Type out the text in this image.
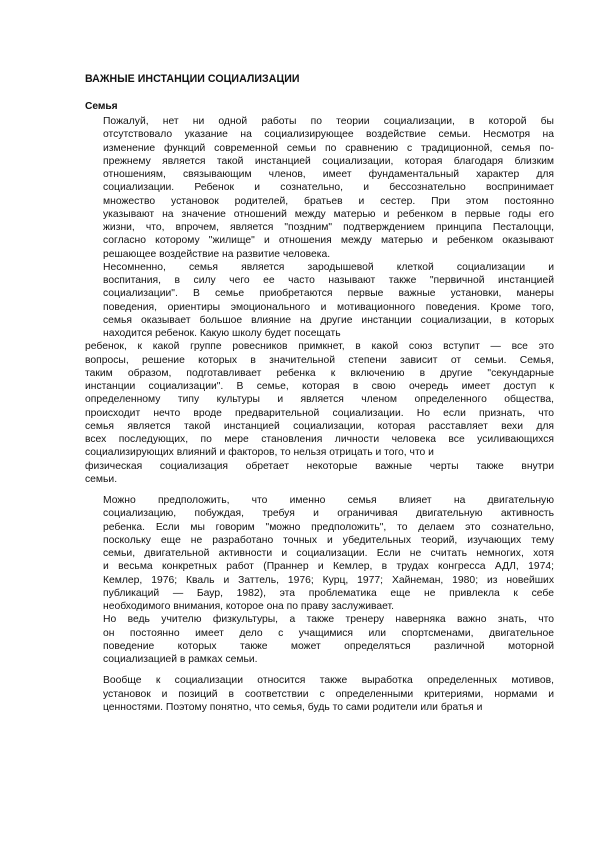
ВАЖНЫЕ ИНСТАНЦИИ СОЦИАЛИЗАЦИИ
Семья

Пожалуй, нет ни одной работы по теории социализации, в которой бы
отсутствовало указание на социализирующее воздействие семьи. Несмотря на
изменение функций современной семьи по сравнению с традиционной, семья по-
прежнему является такой инстанцией социализации, которая благодаря близким
отношениям, связывающим членов, имеет фундаментальный характер для
социализации. Ребенок и сознательно, и бессознательно воспринимает
множество установок родителей, братьев и сестер. При этом постоянно
указывают на значение отношений между матерью и ребенком в первые годы его
жизни, что, впрочем, является "поздним" подтверждением принципа Песталоцци,
согласно которому "жилище" и отношения между матерью и ребенком оказывают
решающее воздействие на развитие человека.

Несомненно, семья является зародышевой клеткой социализации и
воспитания, в силу чего ее часто называют также "первичной инстанцией
социализации". В семье приобретаются первые важные установки, манеры
поведения, ориентиры эмоционального и мотивационного поведения. Кроме того,
семья оказывает большое влияние на другие инстанции социализации, в которых
находится ребенок. Какую школу будет посещать

ребенок, к какой группе ровесников примкнет, в какой союз вступит — все это
вопросы, решение которых в значительной степени зависит от семьи. Семья,
таким образом, подготавливает ребенка к включению в другие "секундарные
инстанции социализации". В семье, которая в свою очередь имеет доступ к
определенному типу культуры и является членом определенного общества,
происходит нечто вроде предварительной социализации. Но если признать, что
семья является такой инстанцией социализации, которая расставляет вехи для
всех последующих, по мере становления личности человека все усиливающихся
социализирующих влияний и факторов, то нельзя отрицать и того, что и

физическая социализация обретает некоторые важные черты также внутри
семьи.

Можно предположить, что именно семья влияет на двигательную
социализацию, побуждая, требуя и ограничивая двигательную активность
ребенка. Если мы говорим "можно предположить", то делаем это сознательно,
поскольку еще не разработано точных и убедительных теорий, изучающих тему
семьи, двигательной активности и социализации. Если не считать немногих, хотя
и весьма конкретных работ (Праннер и Кемлер, в трудах конгресса АДЛ, 1974;
Кемлер, 1976; Кваль и Заттель, 1976; Курц, 1977; Хайнеман, 1980; из новейших
публикаций — Баур, 1982), эта проблематика еще не привлекла к себе
необходимого внимания, которое она по праву заслуживает.

Но ведь учителю физкультуры, а также тренеру наверняка важно знать, что
он постоянно имеет дело с учащимися или спортсменами, двигательное
поведение которых также может определяться различной моторной
социализацией в рамках семьи.

Вообще к социализации относится также выработка определенных мотивов,
установок и позиций в соответствии с определенными критериями, нормами и
ценностями. Поэтому понятно, что семья, будь то сами родители или братья и
